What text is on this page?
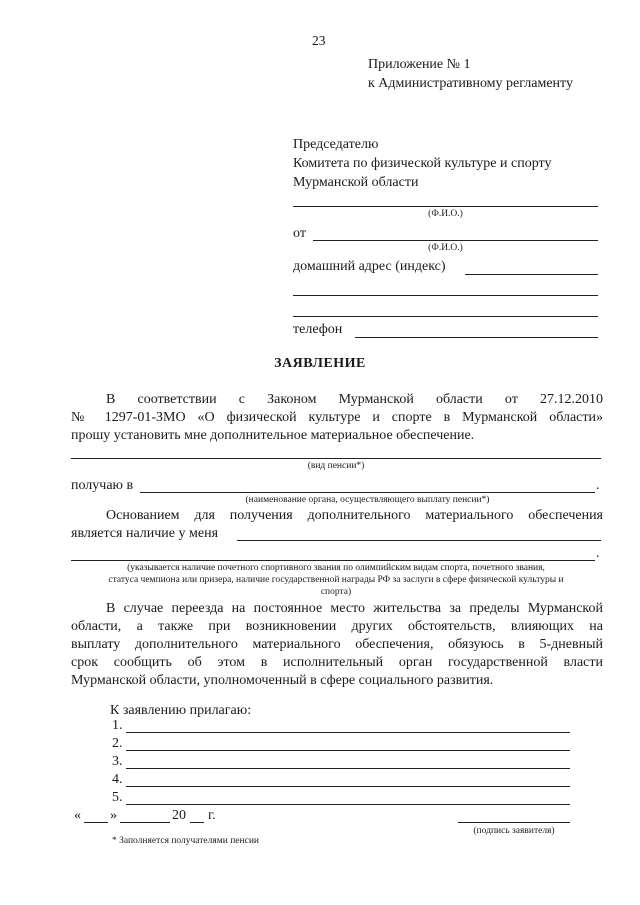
23
Приложение № 1
к Административному регламенту
Председателю
Комитета по физической культуре и спорту
Мурманской области
(Ф.И.О.)
от
(Ф.И.О.)
домашний адрес (индекс)
телефон
ЗАЯВЛЕНИЕ
В соответствии с Законом Мурманской области от 27.12.2010
№ 1297-01-ЗМО «О физической культуре и спорте в Мурманской области»
прошу установить мне дополнительное материальное обеспечение.
(вид пенсии*)
получаю в	.
(наименование органа, осуществляющего выплату пенсии*)
Основанием для получения дополнительного материального обеспечения
является наличие у меня
.
(указывается наличие почетного спортивного звания по олимпийским видам спорта, почетного звания,
статуса чемпиона или призера, наличие государственной награды РФ за заслуги в сфере физической культуры и
спорта)
В случае переезда на постоянное место жительства за пределы Мурманской
области, а также при возникновении других обстоятельств, влияющих на
выплату дополнительного материального обеспечения, обязуюсь в 5-дневный
срок сообщить об этом в исполнительный орган государственной власти
Мурманской области, уполномоченный в сфере социального развития.
К заявлению прилагаю:
1.
2.
3.
4.
5.
« »	20 г.
(подпись заявителя)
* Заполняется получателями пенсии
